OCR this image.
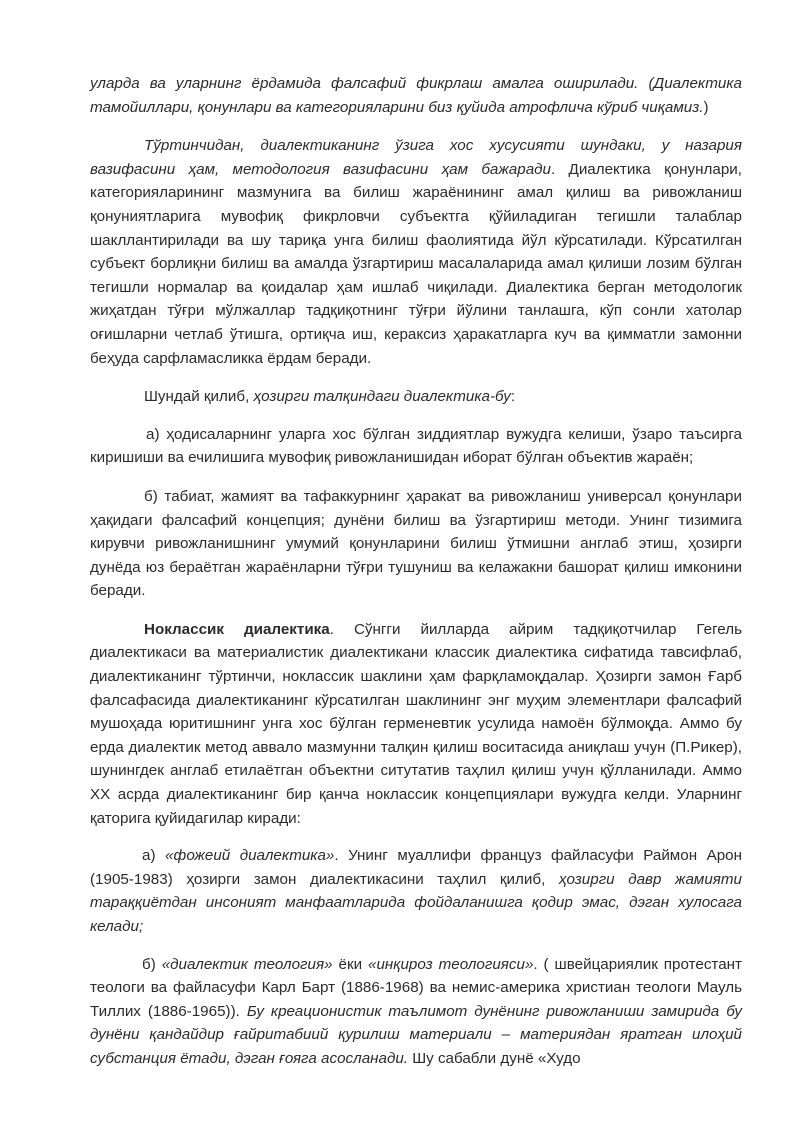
уларда ва уларнинг ёрдамида фалсафий фикрлаш амалга оширилади. (Диалектика тамойиллари, қонунлари ва категорияларини биз қуйида атрофлича кўриб чиқамиз.)

Тўртинчидан, диалектиканинг ўзига хос хусусияти шундаки, у назария вазифасини ҳам, методология вазифасини ҳам бажаради. Диалектика қонунлари, категорияларининг мазмунига ва билиш жараёнининг амал қилиш ва ривожланиш қонуниятларига мувофиқ фикрловчи субъектга қўйиладиган тегишли талаблар шакллантирилади ва шу тариқа унга билиш фаолиятида йўл кўрсатилади. Кўрсатилган субъект борлиқни билиш ва амалда ўзгартириш масалаларида амал қилиши лозим бўлган тегишли нормалар ва қоидалар ҳам ишлаб чиқилади. Диалектика берган методологик жиҳатдан тўғри мўлжаллар тадқиқотнинг тўғри йўлини танлашга, кўп сонли хатолар оғишларни четлаб ўтишга, ортиқча иш, кераксиз ҳаракатларга куч ва қимматли замонни беҳуда сарфламасликка ёрдам беради.

Шундай қилиб, ҳозирги талқиндаги диалектика-бу:

а) ҳодисаларнинг уларга хос бўлган зиддиятлар вужудга келиши, ўзаро таъсирга киришиши ва ечилишига мувофиқ ривожланишидан иборат бўлган объектив жараён;

б) табиат, жамият ва тафаккурнинг ҳаракат ва ривожланиш универсал қонунлари ҳақидаги фалсафий концепция; дунёни билиш ва ўзгартириш методи. Унинг тизимига кирувчи ривожланишнинг умумий қонунларини билиш ўтмишни англаб этиш, ҳозирги дунёда юз бераётган жараёнларни тўғри тушуниш ва келажакни башорат қилиш имконини беради.

Ноклассик диалектика. Сўнгги йилларда айрим тадқиқотчилар Гегель диалектикаси ва материалистик диалектикани классик диалектика сифатида тавсифлаб, диалектиканинг тўртинчи, ноклассик шаклини ҳам фарқламоқдалар. Ҳозирги замон Ғарб фалсафасида диалектиканинг кўрсатилган шаклининг энг муҳим элементлари фалсафий мушоҳада юритишнинг унга хос бўлган герменевтик усулида намоён бўлмоқда. Аммо бу ерда диалектик метод аввало мазмунни талқин қилиш воситасида аниқлаш учун (П.Рикер), шунингдек англаб етилаётган объектни ситутатив таҳлил қилиш учун қўлланилади. Аммо ХХ асрда диалектиканинг бир қанча ноклассик концепциялари вужудга келди. Уларнинг қаторига қуйидагилар киради:

а) «фожеий диалектика». Унинг муаллифи француз файласуфи Раймон Арон (1905-1983) ҳозирги замон диалектикасини таҳлил қилиб, ҳозирги давр жамияти тараққиётдан инсоният манфаатларида фойдаланишга қодир эмас, дэган хулосага келади;

б) «диалектик теология» ёки «инқироз теологияси». ( швейцариялик протестант теологи ва файласуфи Карл Барт (1886-1968) ва немис-америка христиан теологи Мауль Тиллих (1886-1965)). Бу креационистик таълимот дунёнинг ривожланиши замирида бу дунёни қандайдир ғайритабиий қурилиш материали – материядан яратган илоҳий субстанция ётади, дэган ғояга асосланади. Шу сабабли дунё «Худо
